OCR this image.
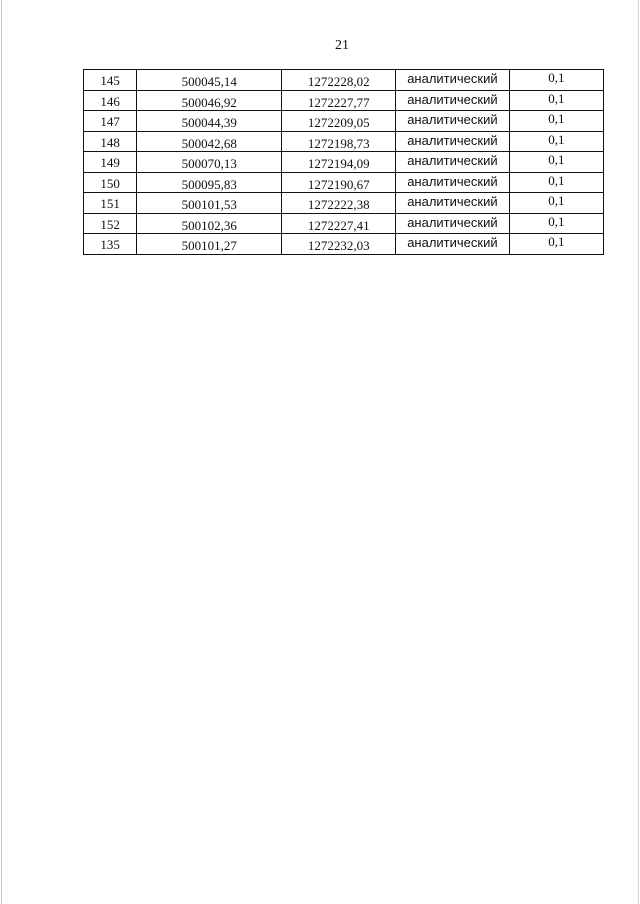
21
145	500045,14	1272228,02	аналитический	0,1
146	500046,92	1272227,77	аналитический	0,1
147	500044,39	1272209,05	аналитический	0,1
148	500042,68	1272198,73	аналитический	0,1
149	500070,13	1272194,09	аналитический	0,1
150	500095,83	1272190,67	аналитический	0,1
151	500101,53	1272222,38	аналитический	0,1
152	500102,36	1272227,41	аналитический	0,1
135	500101,27	1272232,03	аналитический	0,1
